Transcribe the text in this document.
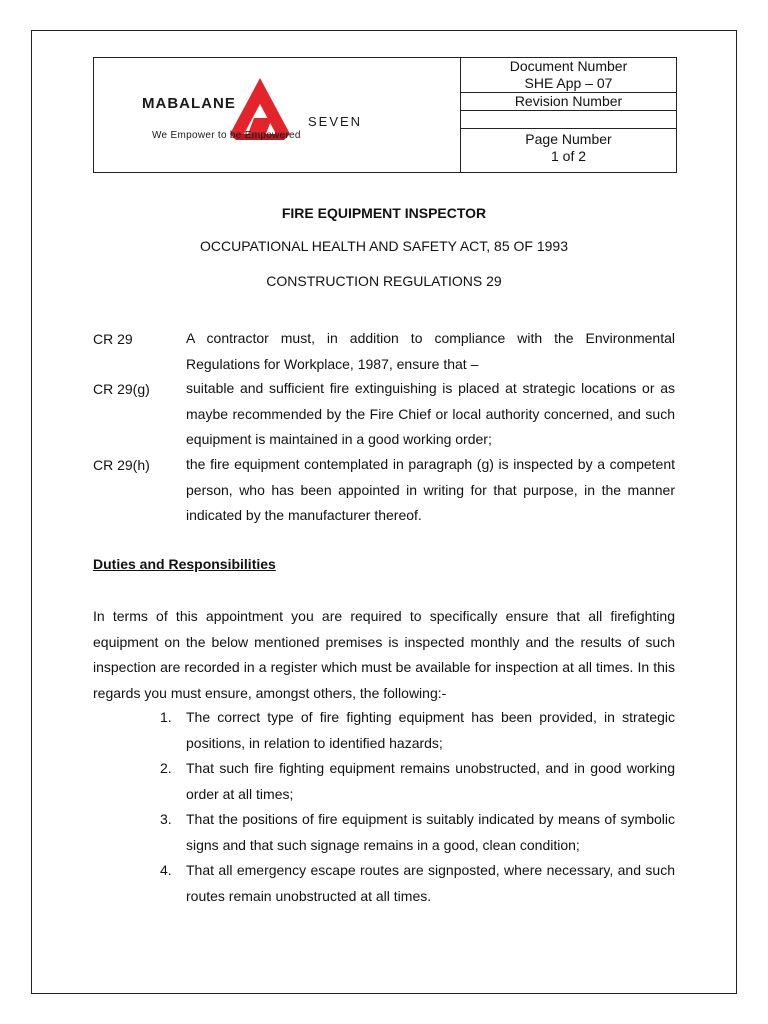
MABALANE
SEVEN
We Empower to be Empowered
Document Number
SHE App – 07
Revision Number
Page Number
1 of 2
FIRE EQUIPMENT INSPECTOR
OCCUPATIONAL HEALTH AND SAFETY ACT, 85 OF 1993
CONSTRUCTION REGULATIONS 29
CR 29	A contractor must, in addition to compliance with the Environmental Regulations for Workplace, 1987, ensure that –
CR 29(g)	suitable and sufficient fire extinguishing is placed at strategic locations or as maybe recommended by the Fire Chief or local authority concerned, and such equipment is maintained in a good working order;
CR 29(h)	the fire equipment contemplated in paragraph (g) is inspected by a competent person, who has been appointed in writing for that purpose, in the manner indicated by the manufacturer thereof.
Duties and Responsibilities
In terms of this appointment you are required to specifically ensure that all firefighting equipment on the below mentioned premises is inspected monthly and the results of such inspection are recorded in a register which must be available for inspection at all times. In this regards you must ensure, amongst others, the following:-
1. The correct type of fire fighting equipment has been provided, in strategic positions, in relation to identified hazards;
2. That such fire fighting equipment remains unobstructed, and in good working order at all times;
3. That the positions of fire equipment is suitably indicated by means of symbolic signs and that such signage remains in a good, clean condition;
4. That all emergency escape routes are signposted, where necessary, and such routes remain unobstructed at all times.
